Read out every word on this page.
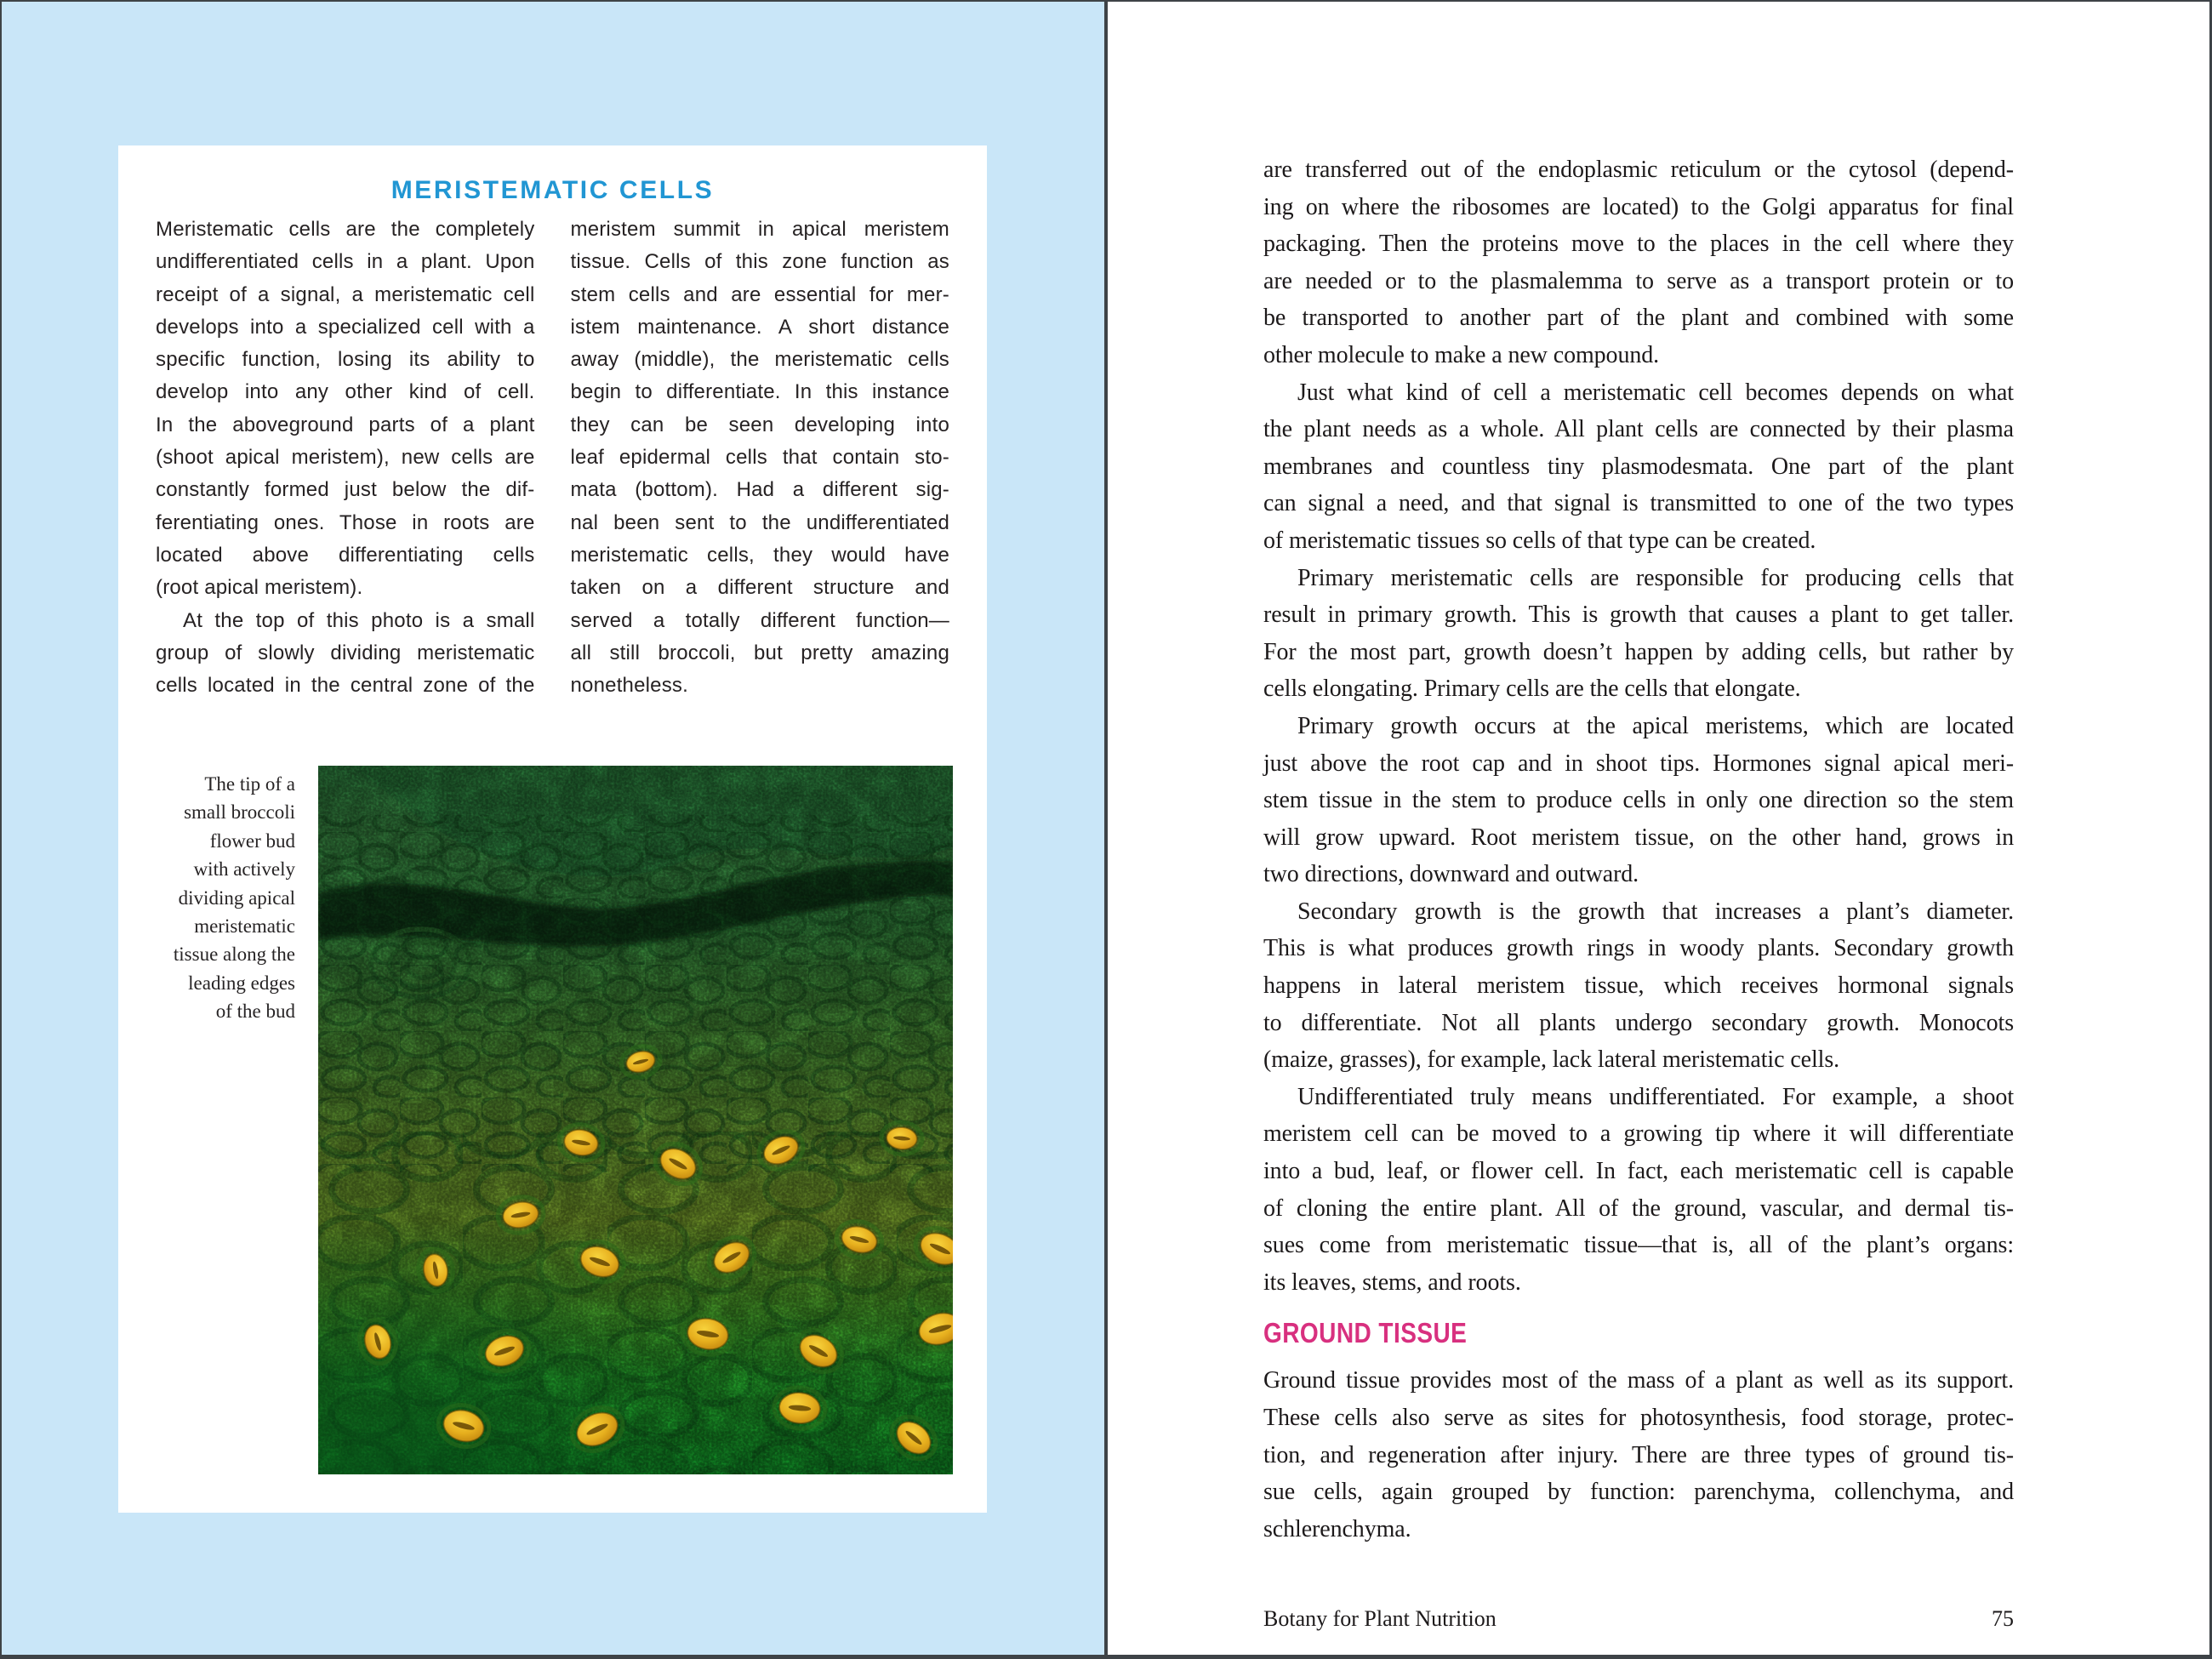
MERISTEMATIC CELLS
Meristematic cells are the completely
undifferentiated cells in a plant. Upon
receipt of a signal, a meristematic cell
develops into a specialized cell with a
specific function, losing its ability to
develop into any other kind of cell.
In the aboveground parts of a plant
(shoot apical meristem), new cells are
constantly formed just below the dif-
ferentiating ones. Those in roots are
located above differentiating cells
(root apical meristem).
At the top of this photo is a small
group of slowly dividing meristematic
cells located in the central zone of the
meristem summit in apical meristem
tissue. Cells of this zone function as
stem cells and are essential for mer-
istem maintenance. A short distance
away (middle), the meristematic cells
begin to differentiate. In this instance
they can be seen developing into
leaf epidermal cells that contain sto-
mata (bottom). Had a different sig-
nal been sent to the undifferentiated
meristematic cells, they would have
taken on a different structure and
served a totally different function—
all still broccoli, but pretty amazing
nonetheless.
The tip of a
small broccoli
flower bud
with actively
dividing apical
meristematic
tissue along the
leading edges
of the bud
are transferred out of the endoplasmic reticulum or the cytosol (depend-
ing on where the ribosomes are located) to the Golgi apparatus for final
packaging. Then the proteins move to the places in the cell where they
are needed or to the plasmalemma to serve as a transport protein or to
be transported to another part of the plant and combined with some
other molecule to make a new compound.
Just what kind of cell a meristematic cell becomes depends on what
the plant needs as a whole. All plant cells are connected by their plasma
membranes and countless tiny plasmodesmata. One part of the plant
can signal a need, and that signal is transmitted to one of the two types
of meristematic tissues so cells of that type can be created.
Primary meristematic cells are responsible for producing cells that
result in primary growth. This is growth that causes a plant to get taller.
For the most part, growth doesn’t happen by adding cells, but rather by
cells elongating. Primary cells are the cells that elongate.
Primary growth occurs at the apical meristems, which are located
just above the root cap and in shoot tips. Hormones signal apical meri-
stem tissue in the stem to produce cells in only one direction so the stem
will grow upward. Root meristem tissue, on the other hand, grows in
two directions, downward and outward.
Secondary growth is the growth that increases a plant’s diameter.
This is what produces growth rings in woody plants. Secondary growth
happens in lateral meristem tissue, which receives hormonal signals
to differentiate. Not all plants undergo secondary growth. Monocots
(maize, grasses), for example, lack lateral meristematic cells.
Undifferentiated truly means undifferentiated. For example, a shoot
meristem cell can be moved to a growing tip where it will differentiate
into a bud, leaf, or flower cell. In fact, each meristematic cell is capable
of cloning the entire plant. All of the ground, vascular, and dermal tis-
sues come from meristematic tissue—that is, all of the plant’s organs:
its leaves, stems, and roots.
GROUND TISSUE
Ground tissue provides most of the mass of a plant as well as its support.
These cells also serve as sites for photosynthesis, food storage, protec-
tion, and regeneration after injury. There are three types of ground tis-
sue cells, again grouped by function: parenchyma, collenchyma, and
schlerenchyma.
Botany for Plant Nutrition	75
